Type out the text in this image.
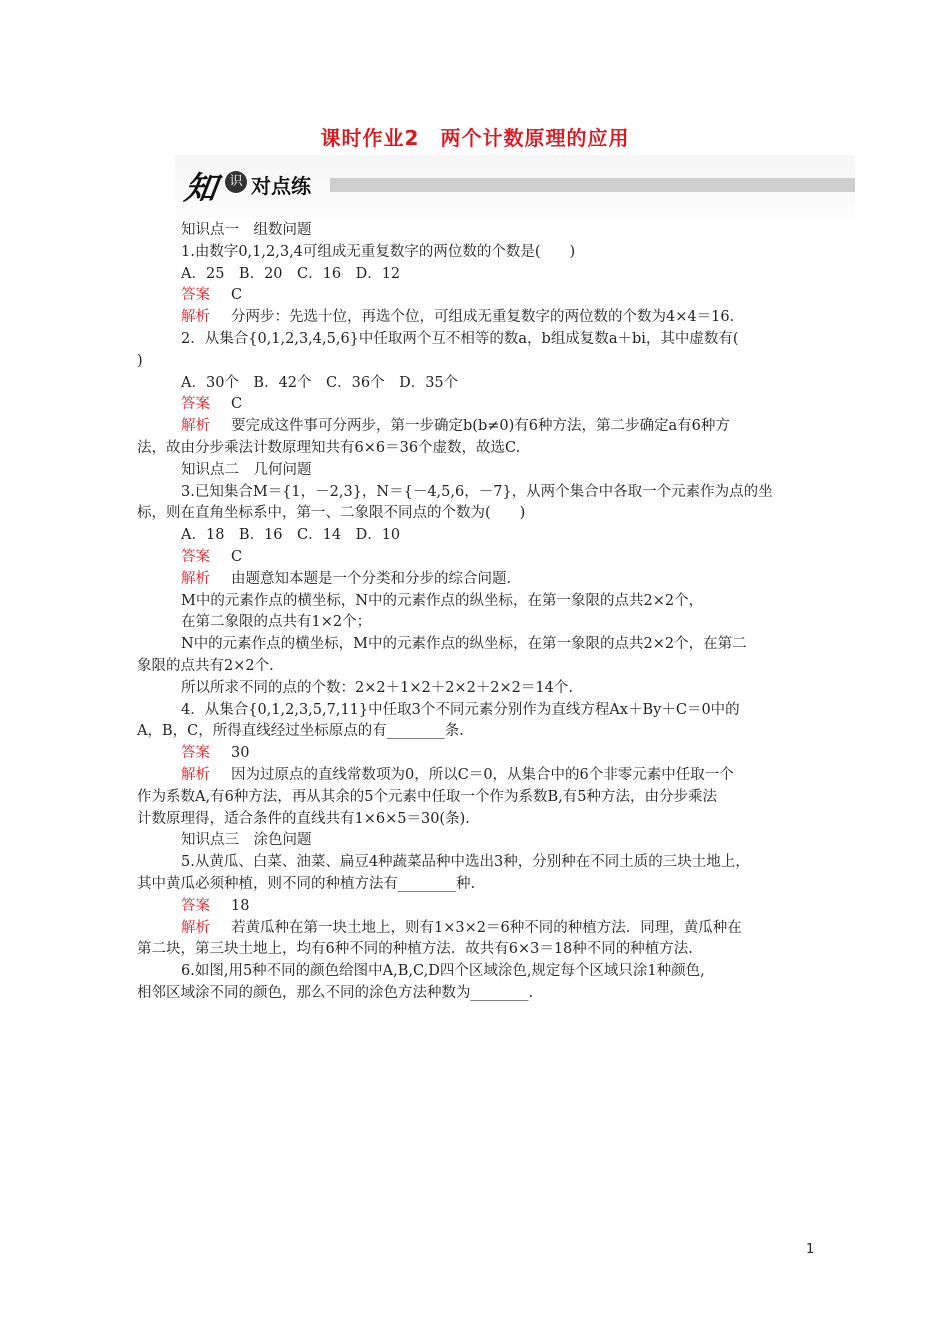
课时作业2　两个计数原理的应用
知 识 对点练
知识点一　组数问题
1.由数字0,1,2,3,4可组成无重复数字的两位数的个数是(　　)
A．25　B．20　C．16　D．12
答案 C
解析 分两步：先选十位，再选个位，可组成无重复数字的两位数的个数为4×4＝16.
2．从集合{0,1,2,3,4,5,6}中任取两个互不相等的数a，b组成复数a＋bi，其中虚数有(
)
A．30个　B．42个　C．36个　D．35个
答案 C
解析 要完成这件事可分两步，第一步确定b(b≠0)有6种方法，第二步确定a有6种方
法，故由分步乘法计数原理知共有6×6＝36个虚数，故选C.
知识点二　几何问题
3.已知集合M＝{1，－2,3}，N＝{－4,5,6，－7}，从两个集合中各取一个元素作为点的坐
标，则在直角坐标系中，第一、二象限不同点的个数为(　　)
A．18　B．16　C．14　D．10
答案 C
解析 由题意知本题是一个分类和分步的综合问题.
M中的元素作点的横坐标，N中的元素作点的纵坐标，在第一象限的点共2×2个，
在第二象限的点共有1×2个；
N中的元素作点的横坐标，M中的元素作点的纵坐标，在第一象限的点共2×2个，在第二
象限的点共有2×2个.
所以所求不同的点的个数：2×2＋1×2＋2×2＋2×2＝14个.
4．从集合{0,1,2,3,5,7,11}中任取3个不同元素分别作为直线方程Ax＋By＋C＝0中的
A，B，C，所得直线经过坐标原点的有________条.
答案 30
解析 因为过原点的直线常数项为0，所以C＝0，从集合中的6个非零元素中任取一个
作为系数A,有6种方法，再从其余的5个元素中任取一个作为系数B,有5种方法，由分步乘法
计数原理得，适合条件的直线共有1×6×5＝30(条).
知识点三　涂色问题
5.从黄瓜、白菜、油菜、扁豆4种蔬菜品种中选出3种，分别种在不同土质的三块土地上，
其中黄瓜必须种植，则不同的种植方法有________种.
答案 18
解析 若黄瓜种在第一块土地上，则有1×3×2＝6种不同的种植方法．同理，黄瓜种在
第二块，第三块土地上，均有6种不同的种植方法．故共有6×3＝18种不同的种植方法.
6.如图,用5种不同的颜色给图中A,B,C,D四个区域涂色,规定每个区域只涂1种颜色,
相邻区域涂不同的颜色，那么不同的涂色方法种数为________.
1
